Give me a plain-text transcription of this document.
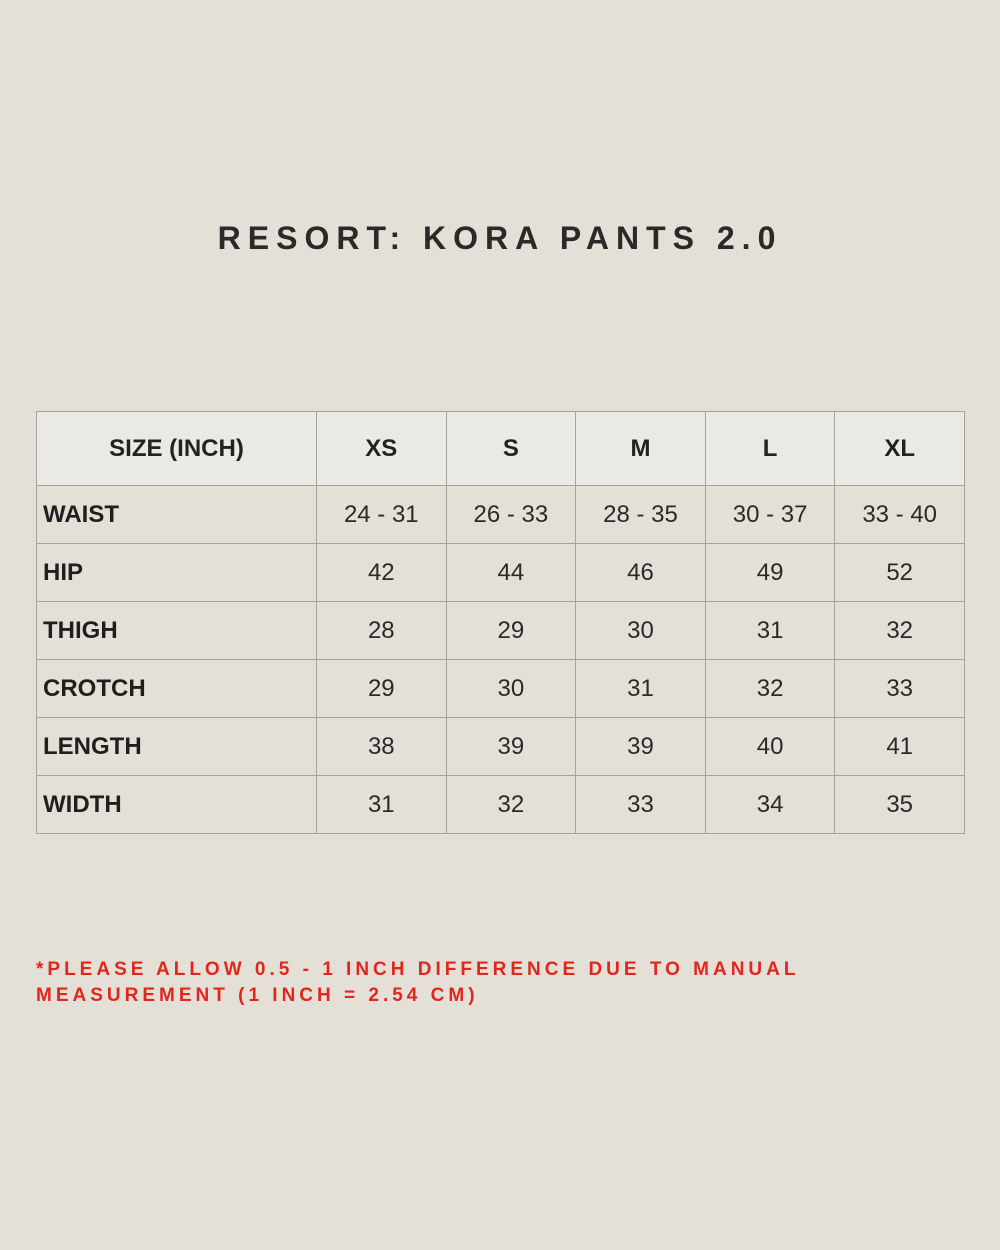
RESORT: KORA PANTS 2.0
SIZE (INCH)	XS	S	M	L	XL
WAIST	24 - 31	26 - 33	28 - 35	30 - 37	33 - 40
HIP	42	44	46	49	52
THIGH	28	29	30	31	32
CROTCH	29	30	31	32	33
LENGTH	38	39	39	40	41
WIDTH	31	32	33	34	35

*PLEASE ALLOW 0.5 - 1 INCH DIFFERENCE DUE TO MANUAL
MEASUREMENT (1 INCH = 2.54 CM)
